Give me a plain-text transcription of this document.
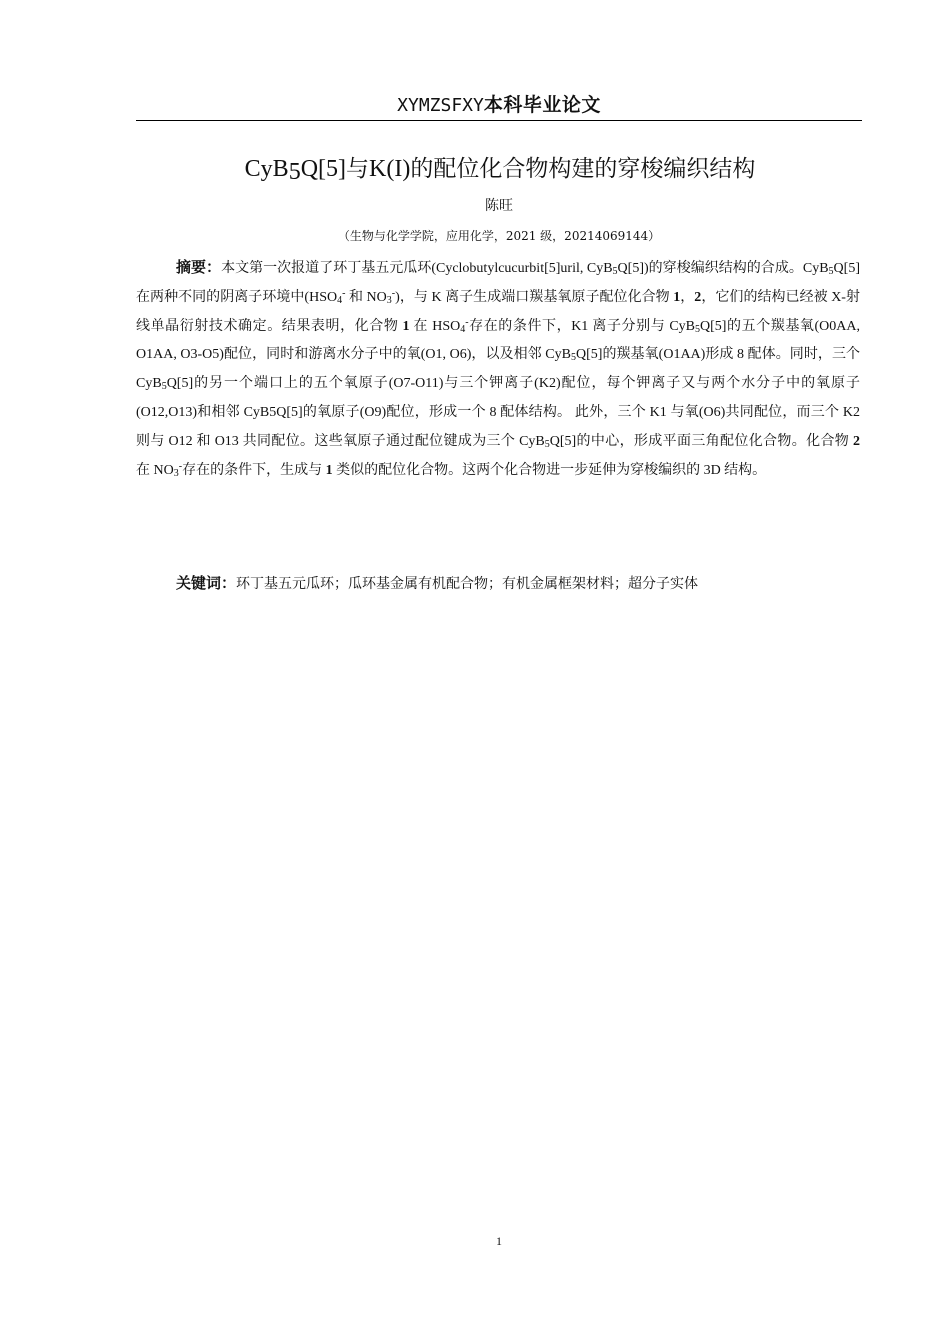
XYMZSFXY本科毕业论文
CyB$_5$Q[5]与K(I)的配位化合物构建的穿梭编织结构
陈旺
（生物与化学学院，应用化学，2021 级，20214069144）
摘要：本文第一次报道了环丁基五元瓜环(Cyclobutylcucurbit[5]uril, CyB$_5$Q[5])的穿梭编织结构的合成。CyB$_5$Q[5]在两种不同的阴离子环境中($HSO_4^-$ 和 $NO_3^-$)，与 K 离子生成端口羰基氧原子配位化合物 1，2，它们的结构已经被 X-射线单晶衍射技术确定。结果表明，化合物 1 在 $HSO_4^-$存在的条件下，K1 离子分别与 CyB$_5$Q[5]的五个羰基氧(O0AA, O1AA, O3-O5)配位，同时和游离水分子中的氧(O1, O6)，以及相邻 CyB$_5$Q[5]的羰基氧(O1AA)形成 8 配体。同时，三个 CyB$_5$Q[5]的另一个端口上的五个氧原子(O7-O11)与三个钾离子(K2)配位，每个钾离子又与两个水分子中的氧原子(O12,O13)和相邻 CyB5Q[5]的氧原子(O9)配位，形成一个 8 配体结构。 此外，三个 K1 与氧(O6)共同配位，而三个 K2 则与 O12 和 O13 共同配位。这些氧原子通过配位键成为三个 CyB$_5$Q[5]的中心，形成平面三角配位化合物。化合物 2 在 $NO_3^-$存在的条件下，生成与 1 类似的配位化合物。这两个化合物进一步延伸为穿梭编织的 3D 结构。
关键词：环丁基五元瓜环；瓜环基金属有机配合物；有机金属框架材料；超分子实体
1
